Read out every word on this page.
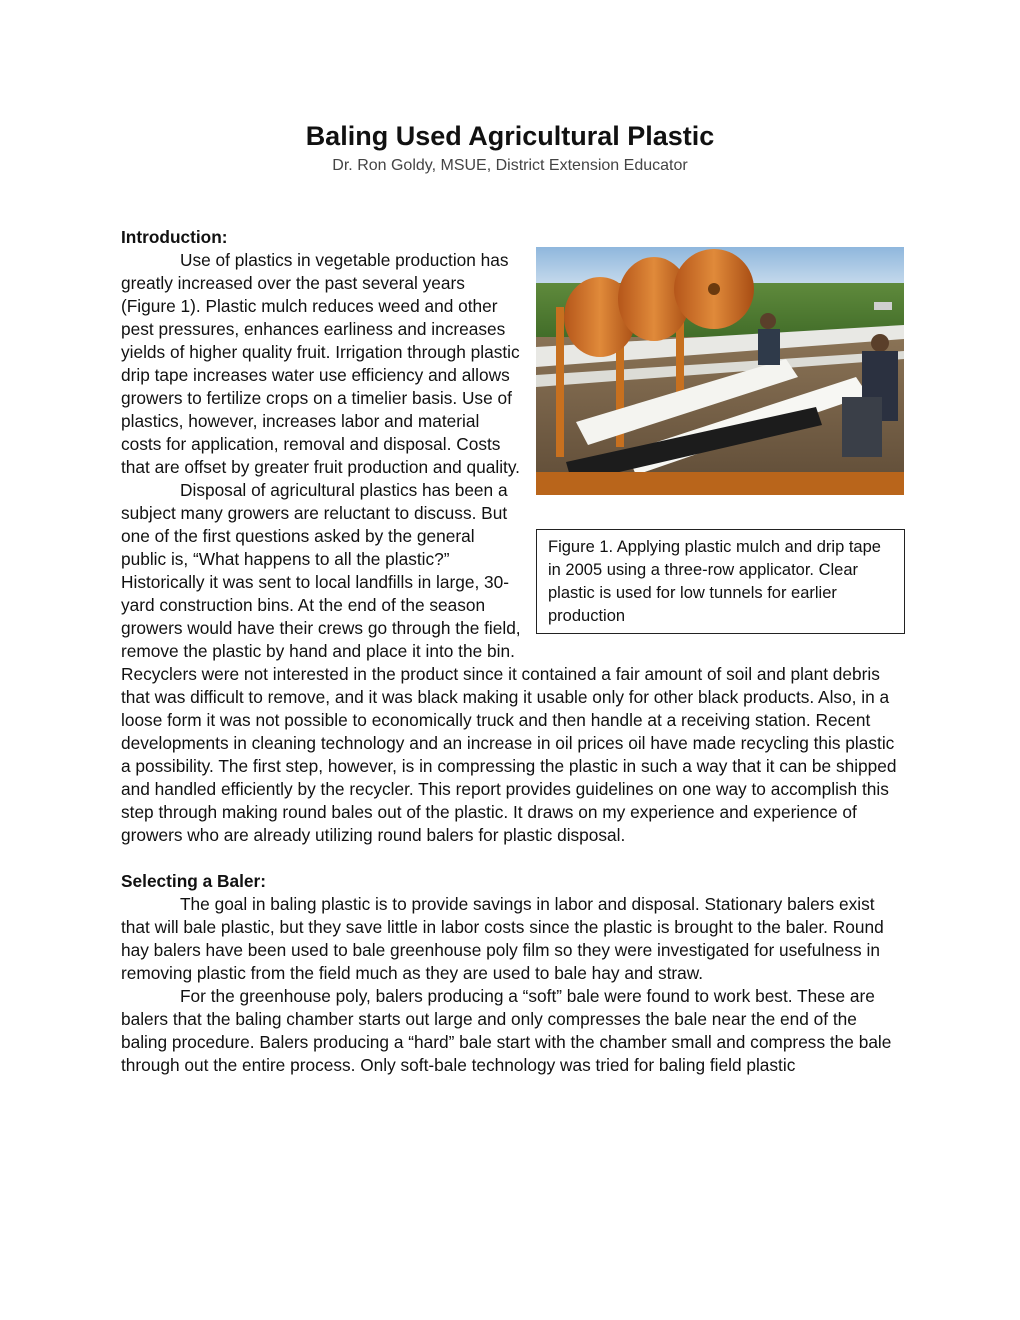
Baling Used Agricultural Plastic

Dr. Ron Goldy, MSUE, District Extension Educator

Figure 1. Applying plastic mulch and drip tape in 2005 using a three-row applicator. Clear plastic is used for low tunnels for earlier production

Introduction:

Use of plastics in vegetable production has greatly increased over the past several years (Figure 1). Plastic mulch reduces weed and other pest pressures, enhances earliness and increases yields of higher quality fruit. Irrigation through plastic drip tape increases water use efficiency and allows growers to fertilize crops on a timelier basis. Use of plastics, however, increases labor and material costs for application, removal and disposal. Costs that are offset by greater fruit production and quality.

Disposal of agricultural plastics has been a subject many growers are reluctant to discuss. But one of the first questions asked by the general public is, “What happens to all the plastic?” Historically it was sent to local landfills in large, 30-yard construction bins. At the end of the season growers would have their crews go through the field, remove the plastic by hand and place it into the bin. Recyclers were not interested in the product since it contained a fair amount of soil and plant debris that was difficult to remove, and it was black making it usable only for other black products. Also, in a loose form it was not possible to economically truck and then handle at a receiving station. Recent developments in cleaning technology and an increase in oil prices oil have made recycling this plastic a possibility. The first step, however, is in compressing the plastic in such a way that it can be shipped and handled efficiently by the recycler. This report provides guidelines on one way to accomplish this step through making round bales out of the plastic. It draws on my experience and experience of growers who are already utilizing round balers for plastic disposal.

Selecting a Baler:

The goal in baling plastic is to provide savings in labor and disposal. Stationary balers exist that will bale plastic, but they save little in labor costs since the plastic is brought to the baler. Round hay balers have been used to bale greenhouse poly film so they were investigated for usefulness in removing plastic from the field much as they are used to bale hay and straw.

For the greenhouse poly, balers producing a “soft” bale were found to work best. These are balers that the baling chamber starts out large and only compresses the bale near the end of the baling procedure. Balers producing a “hard” bale start with the chamber small and compress the bale through out the entire process. Only soft-bale technology was tried for baling field plastic
